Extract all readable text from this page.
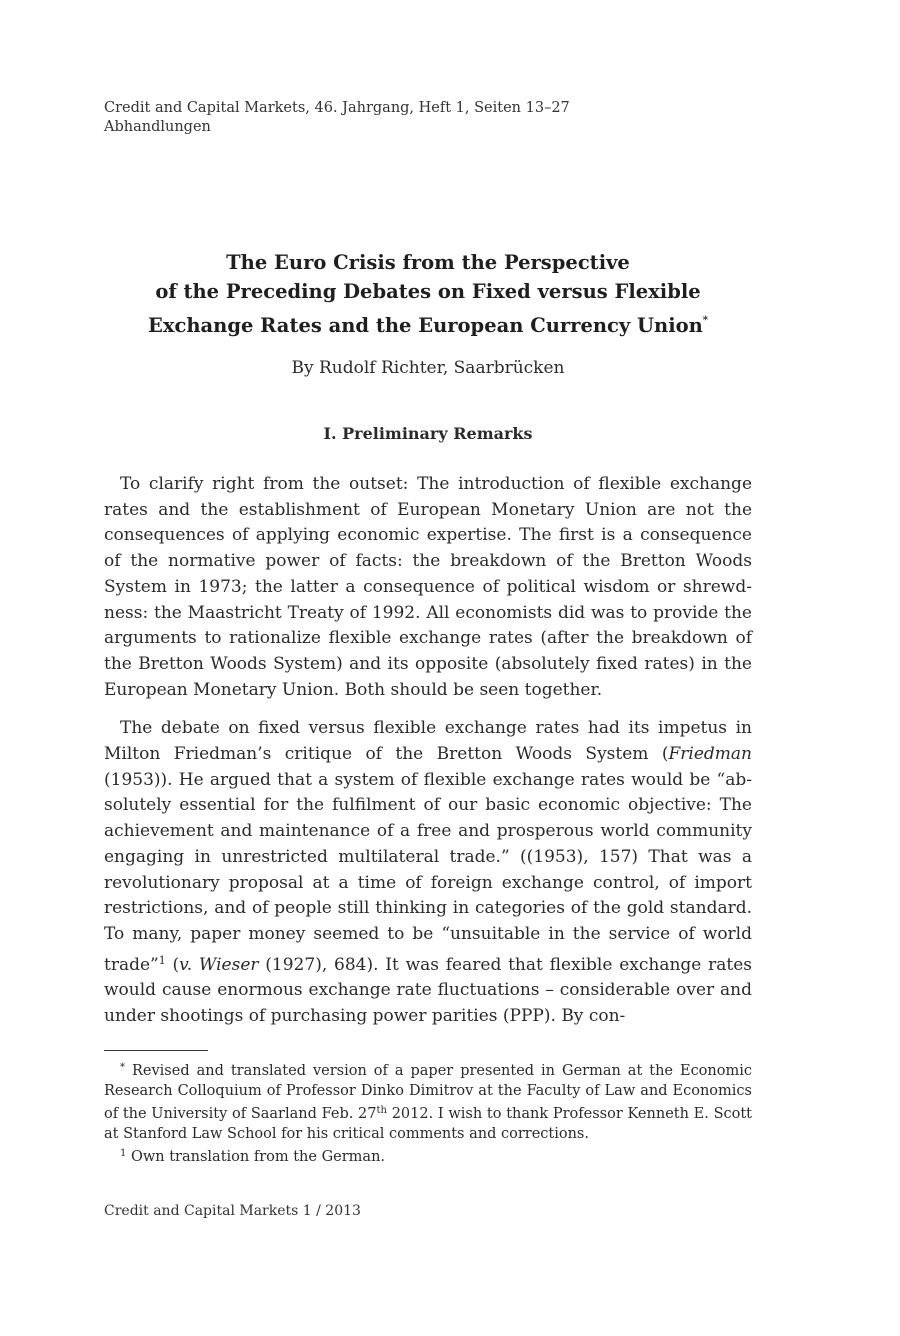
Credit and Capital Markets, 46. Jahrgang, Heft 1, Seiten 13–27
Abhandlungen
The Euro Crisis from the Perspective
of the Preceding Debates on Fixed versus Flexible
Exchange Rates and the European Currency Union*
By Rudolf Richter, Saarbrücken
I. Preliminary Remarks

To clarify right from the outset: The introduction of flexible exchange rates and the establishment of European Monetary Union are not the consequences of applying economic expertise. The first is a consequence of the normative power of facts: the breakdown of the Bretton Woods System in 1973; the latter a consequence of political wisdom or shrewdness: the Maastricht Treaty of 1992. All economists did was to provide the arguments to rationalize flexible exchange rates (after the breakdown of the Bretton Woods System) and its opposite (absolutely fixed rates) in the European Monetary Union. Both should be seen together.

The debate on fixed versus flexible exchange rates had its impetus in Milton Friedman’s critique of the Bretton Woods System (Friedman (1953)). He argued that a system of flexible exchange rates would be “absolutely essential for the fulfilment of our basic economic objective: The achievement and maintenance of a free and prosperous world community engaging in unrestricted multilateral trade.” ((1953), 157) That was a revolutionary proposal at a time of foreign exchange control, of import restrictions, and of people still thinking in categories of the gold standard. To many, paper money seemed to be “unsuitable in the service of world trade”$^1$ (v. Wieser (1927), 684). It was feared that flexible exchange rates would cause enormous exchange rate fluctuations – considerable over and under shootings of purchasing power parities (PPP). By con-

* Revised and translated version of a paper presented in German at the Economic Research Colloquium of Professor Dinko Dimitrov at the Faculty of Law and Economics of the University of Saarland Feb. 27th 2012. I wish to thank Professor Kenneth E. Scott at Stanford Law School for his critical comments and corrections.

$^1$ Own translation from the German.

Credit and Capital Markets 1 / 2013
